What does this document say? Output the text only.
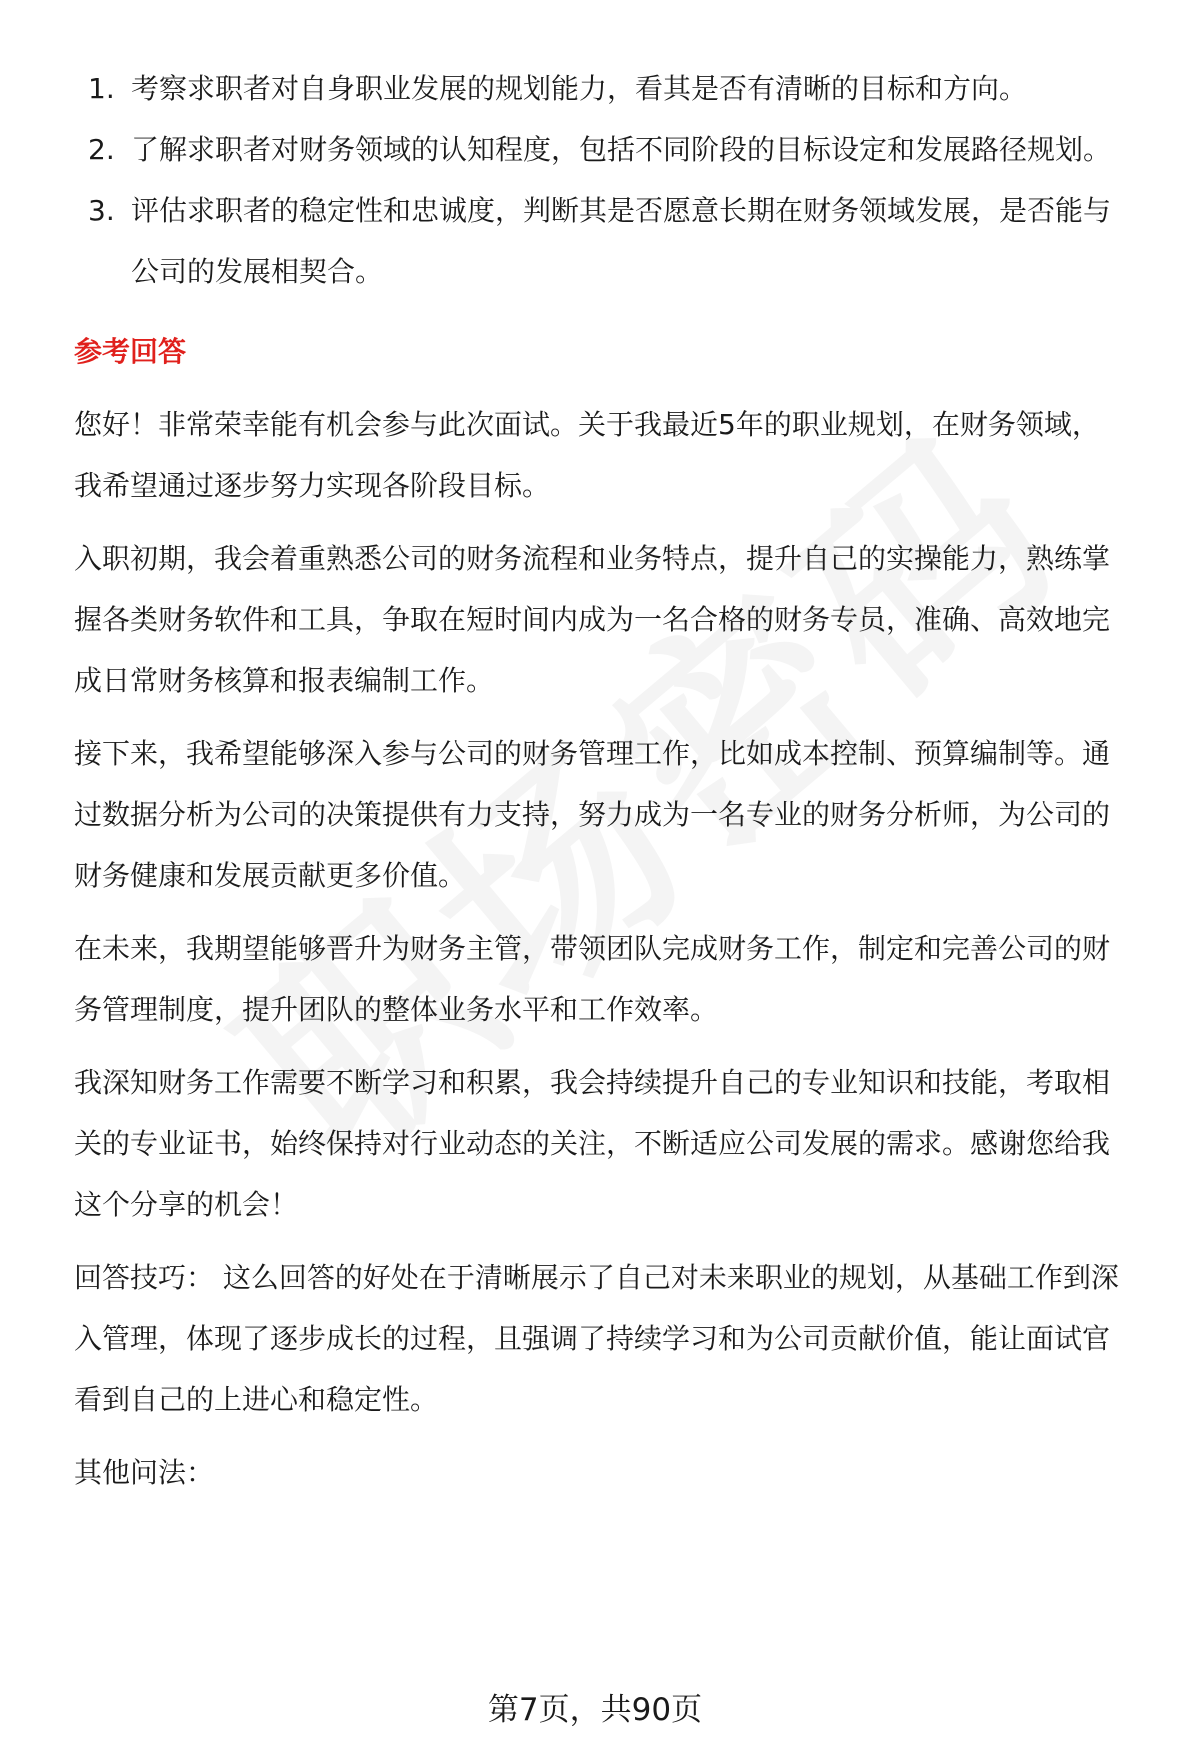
1. 考察求职者对自身职业发展的规划能力，看其是否有清晰的目标和方向。
2. 了解求职者对财务领域的认知程度，包括不同阶段的目标设定和发展路径规划。
3. 评估求职者的稳定性和忠诚度，判断其是否愿意长期在财务领域发展，是否能与公司的发展相契合。
参考回答

您好！非常荣幸能有机会参与此次面试。关于我最近5年的职业规划，在财务领域，我希望通过逐步努力实现各阶段目标。

入职初期，我会着重熟悉公司的财务流程和业务特点，提升自己的实操能力，熟练掌握各类财务软件和工具，争取在短时间内成为一名合格的财务专员，准确、高效地完成日常财务核算和报表编制工作。

接下来，我希望能够深入参与公司的财务管理工作，比如成本控制、预算编制等。通过数据分析为公司的决策提供有力支持，努力成为一名专业的财务分析师，为公司的财务健康和发展贡献更多价值。

在未来，我期望能够晋升为财务主管，带领团队完成财务工作，制定和完善公司的财务管理制度，提升团队的整体业务水平和工作效率。

我深知财务工作需要不断学习和积累，我会持续提升自己的专业知识和技能，考取相关的专业证书，始终保持对行业动态的关注，不断适应公司发展的需求。感谢您给我这个分享的机会！

回答技巧： 这么回答的好处在于清晰展示了自己对未来职业的规划，从基础工作到深入管理，体现了逐步成长的过程，且强调了持续学习和为公司贡献价值，能让面试官看到自己的上进心和稳定性。

其他问法：

第7页，共90页
